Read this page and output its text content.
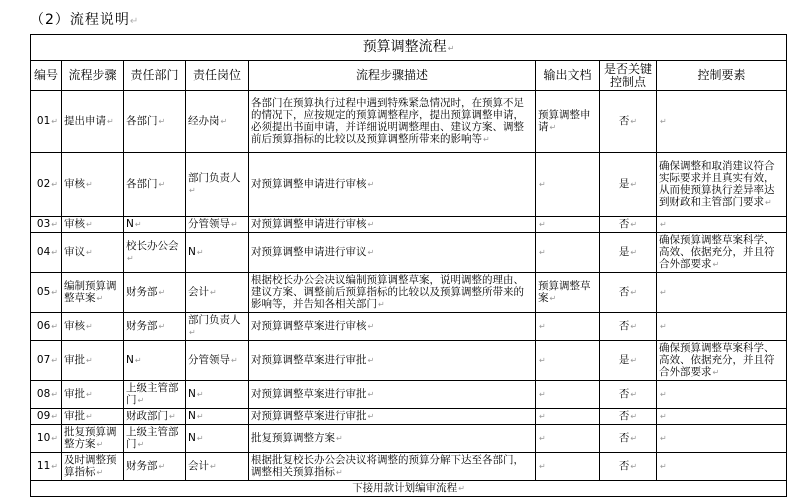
（2）流程说明↵
预算调整流程↵							
编号	流程步骤	责任部门	责任岗位	流程步骤描述	输出文档	是否关键控制点	控制要素
01↵	提出申请↵	各部门↵	经办岗↵	各部门在预算执行过程中遇到特殊紧急情况时，在预算不足的情况下，应按规定的预算调整程序，提出预算调整申请，必须提出书面申请，并详细说明调整理由、建议方案、调整前后预算指标的比较以及预算调整所带来的影响等↵	预算调整申请↵	否↵	↵
02↵	审核↵	各部门↵	部门负责人↵	对预算调整申请进行审核↵	↵	是↵	确保调整和取消建议符合实际要求并且真实有效，从而使预算执行差异率达到财政和主管部门要求↵
03↵	审核↵	N↵	分管领导↵	对预算调整申请进行审核↵	↵	否↵	↵
04↵	审议↵	校长办公会↵	N↵	对预算调整申请进行审议↵	↵	是↵	确保预算调整草案科学、高效、依据充分，并且符合外部要求↵
05↵	编制预算调整草案↵	财务部↵	会计↵	根据校长办公会决议编制预算调整草案，说明调整的理由、建议方案、调整前后预算指标的比较以及预算调整所带来的影响等，并告知各相关部门↵	预算调整草案↵	否↵	↵
06↵	审核↵	财务部↵	部门负责人↵	对预算调整草案进行审核↵	↵	否↵	↵
07↵	审批↵	N↵	分管领导↵	对预算调整草案进行审批↵	↵	是↵	确保预算调整草案科学、高效、依据充分，并且符合外部要求↵
08↵	审批↵	上级主管部门↵	N↵	对预算调整草案进行审批↵	↵	否↵	↵
09↵	审批↵	财政部门↵	N↵	对预算调整草案进行审批↵	↵	否↵	↵
10↵	批复预算调整方案↵	上级主管部门↵	N↵	批复预算调整方案↵	↵	否↵	↵
11↵	及时调整预算指标↵	财务部↵	会计↵	根据批复校长办公会决议将调整的预算分解下达至各部门，调整相关预算指标↵	↵	否↵	↵
下接用款计划编审流程↵							
